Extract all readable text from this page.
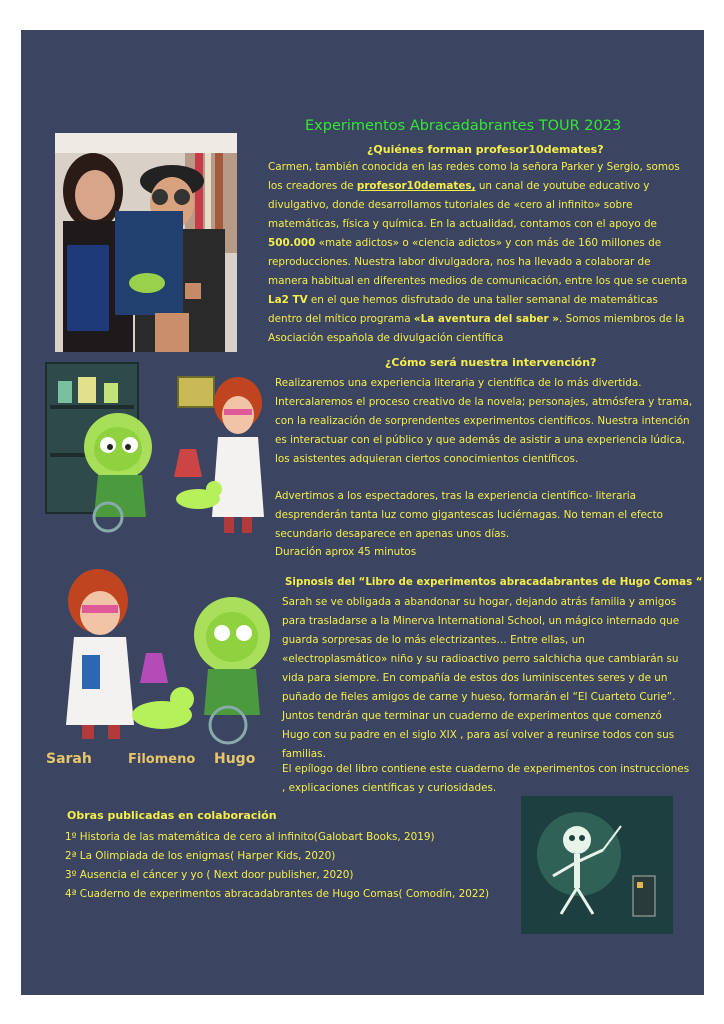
Experimentos Abracadabrantes TOUR 2023
¿Quiénes forman profesor10demates?
Carmen, también conocida en las redes como la señora Parker y Sergio, somos los creadores de profesor10demates, un canal de youtube educativo y divulgativo, donde desarrollamos tutoriales de «cero al infinito» sobre matemáticas, física y química. En la actualidad, contamos con el apoyo de 500.000 «mate adictos» o «ciencia adictos» y con más de 160 millones de reproducciones. Nuestra labor divulgadora, nos ha llevado a colaborar de manera habitual en diferentes medios de comunicación, entre los que se cuenta La2 TV en el que hemos disfrutado de una taller semanal de matemáticas dentro del mítico programa «La aventura del saber ». Somos miembros de la Asociación española de divulgación científica
¿Cómo será nuestra intervención?
Realizaremos una experiencia literaria y científica de lo más divertida. Intercalaremos el proceso creativo de la novela; personajes, atmósfera y trama, con la realización de sorprendentes experimentos científicos. Nuestra intención es interactuar con el público y que además de asistir a una experiencia lúdica, los asistentes adquieran ciertos conocimientos científicos.
Advertimos a los espectadores, tras la experiencia científico- literaria desprenderán tanta luz como gigantescas luciérnagas. No teman el efecto secundario desaparece en apenas unos días.
Duración aprox 45 minutos
Sarah	Filomeno Hugo
Sipnosis del “Libro de experimentos abracadabrantes de Hugo Comas “
Sarah se ve obligada a abandonar su hogar, dejando atrás familia y amigos para trasladarse a la Minerva International School, un mágico internado que guarda sorpresas de lo más electrizantes… Entre ellas, un «electroplasmático» niño y su radioactivo perro salchicha que cambiarán su vida para siempre. En compañía de estos dos luminiscentes seres y de un puñado de fieles amigos de carne y hueso, formarán el “El Cuarteto Curie”. Juntos tendrán que terminar un cuaderno de experimentos que comenzó Hugo con su padre en el siglo XIX , para así volver a reunirse todos con sus familias.
El epílogo del libro contiene este cuaderno de experimentos con instrucciones , explicaciones científicas y curiosidades.
Obras publicadas en colaboración
1º Historia de las matemática de cero al infinito(Galobart Books, 2019)
2ª La Olimpiada de los enigmas( Harper Kids, 2020)
3º Ausencia el cáncer y yo ( Next door publisher, 2020)
4ª Cuaderno de experimentos abracadabrantes de Hugo Comas( Comodín, 2022)
